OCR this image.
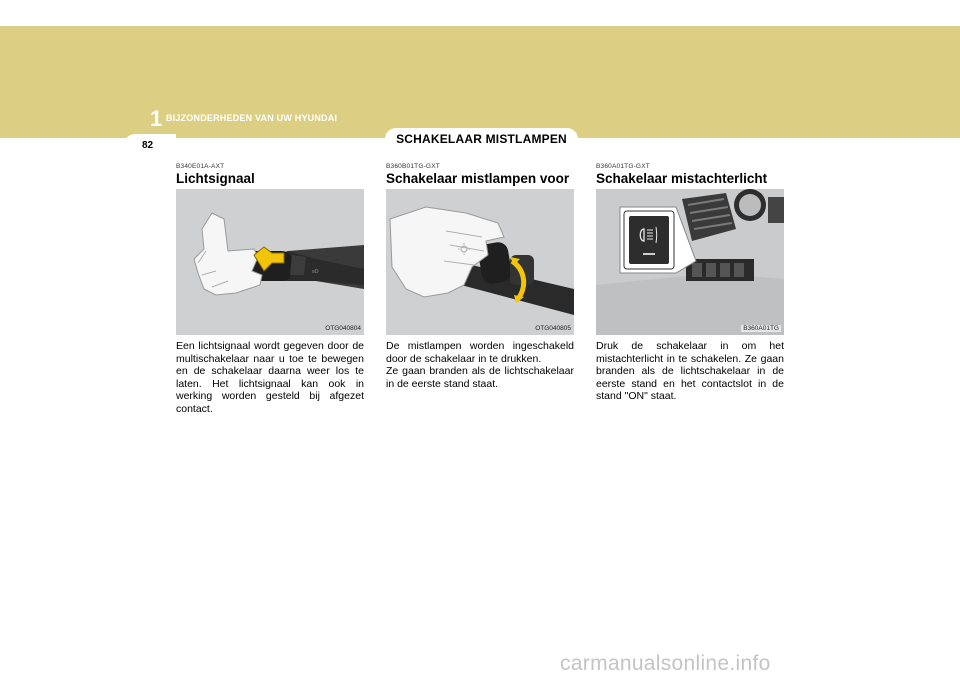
1 BIJZONDERHEDEN VAN UW HYUNDAI
82	SCHAKELAAR MISTLAMPEN
B340E01A-AXT
Lichtsignaal
≡D
OTG040804

Een lichtsignaal wordt gegeven door de multischakelaar naar u toe te bewegen en de schakelaar daarna weer los te laten. Het lichtsignaal kan ook in werking worden gesteld bij afgezet contact.

B360B01TG-GXT
Schakelaar mistlampen voor
OTG040805

De mistlampen worden ingeschakeld door de schakelaar in te drukken.

Ze gaan branden als de lichtschakelaar in de eerste stand staat.

B360A01TG-GXT
Schakelaar mistachterlicht
B360A01TG

Druk de schakelaar in om het mistachterlicht in te schakelen. Ze gaan branden als de lichtschakelaar in de eerste stand en het contactslot in de stand "ON" staat.

carmanualsonline.info
